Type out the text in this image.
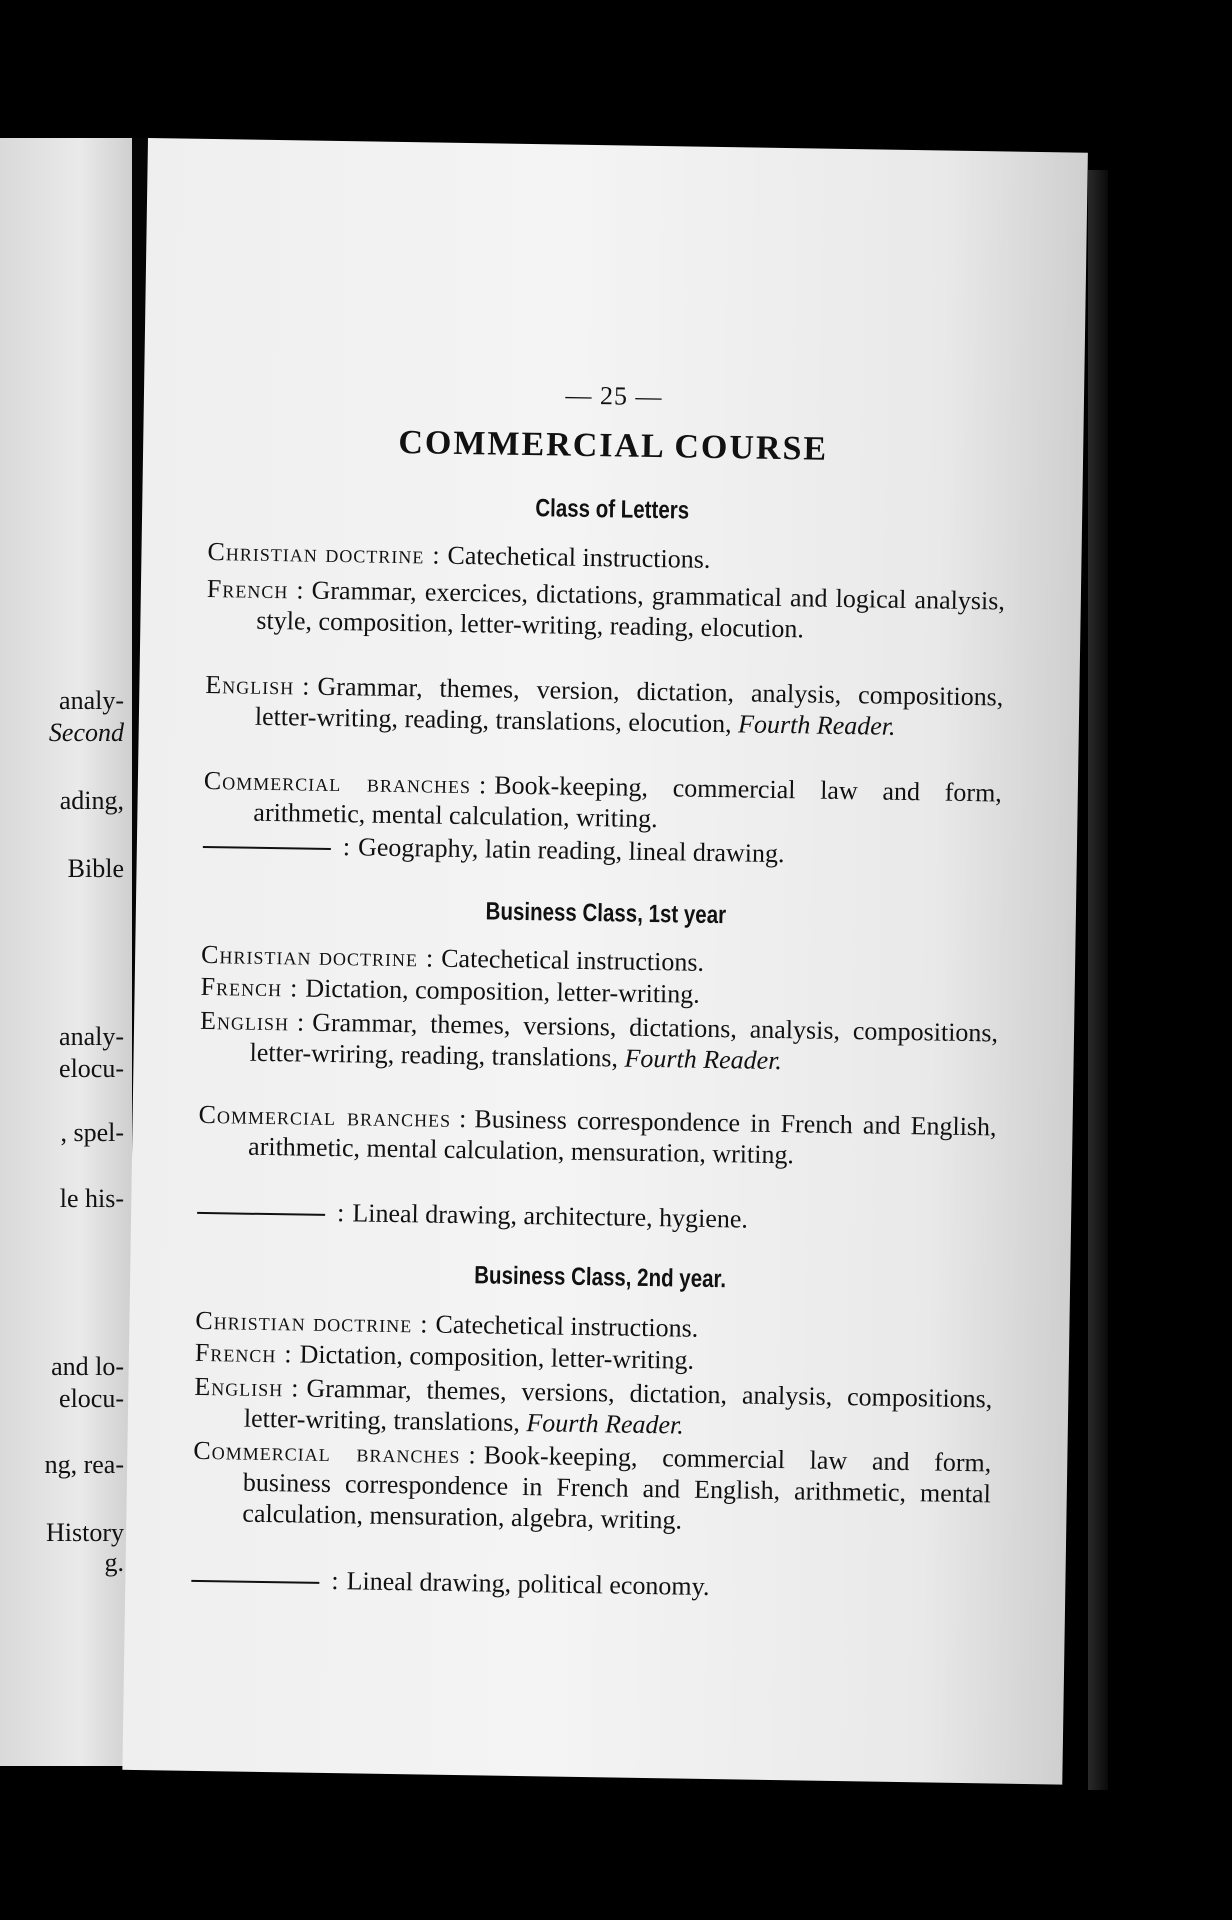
analy-
Second
ading,
Bible
analy-
elocu-
, spel-
le his-
and lo-
elocu-
ng, rea-
History
g.
— 25 —
COMMERCIAL COURSE
Class of Letters
Christian doctrine : Catechetical instructions.
French : Grammar, exercices, dictations, grammatical and logical analysis, style, composition, letter-writing, reading, elocution.
English : Grammar, themes, version, dictation, analysis, compositions, letter-writing, reading, translations, elocution, Fourth Reader.
Commercial branches : Book-keeping, commercial law and form, arithmetic, mental calculation, writing.
: Geography, latin reading, lineal drawing.
Business Class, 1st year
Christian doctrine : Catechetical instructions.
French : Dictation, composition, letter-writing.
English : Grammar, themes, versions, dictations, analysis, compositions, letter-wriring, reading, translations, Fourth Reader.
Commercial branches : Business correspondence in French and English, arithmetic, mental calculation, mensuration, writing.
: Lineal drawing, architecture, hygiene.
Business Class, 2nd year.
Christian doctrine : Catechetical instructions.
French : Dictation, composition, letter-writing.
English : Grammar, themes, versions, dictation, analysis, compositions, letter-writing, translations, Fourth Reader.
Commercial branches : Book-keeping, commercial law and form, business correspondence in French and English, arithmetic, mental calculation, mensuration, algebra, writing.
: Lineal drawing, political economy.
